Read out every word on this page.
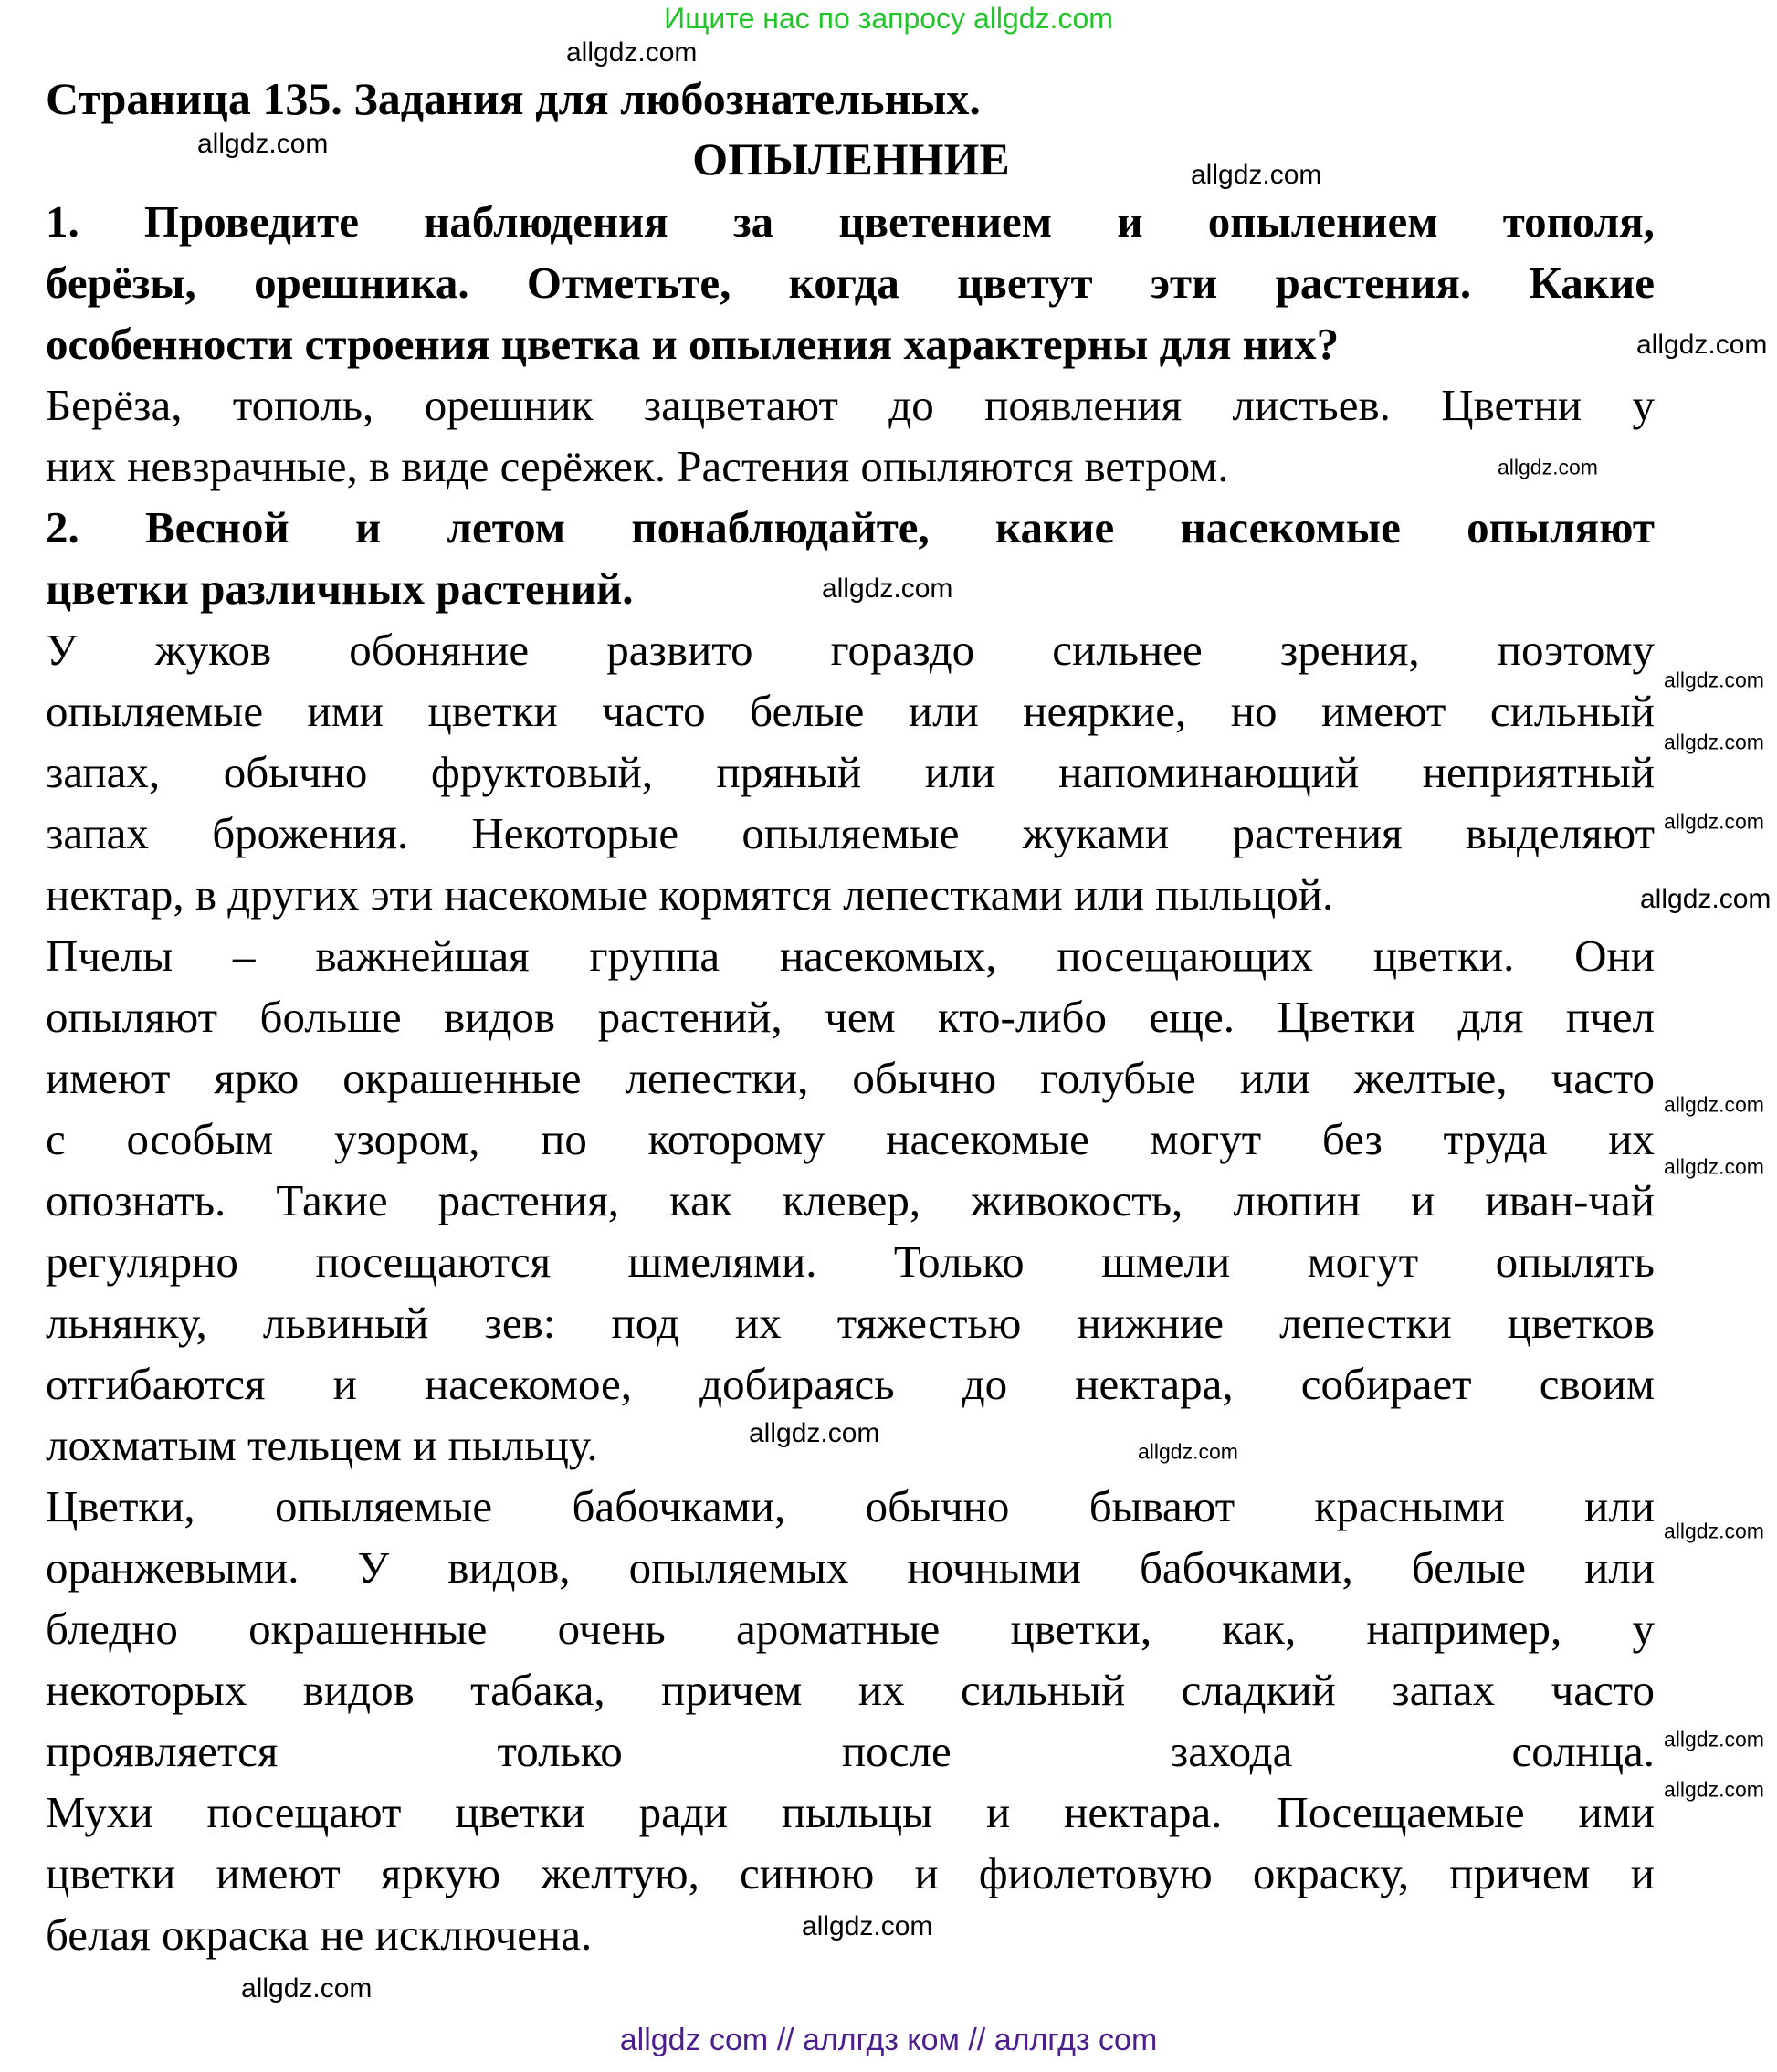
Ищите нас по запросу allgdz.com
Страница 135. Задания для любознательных.
ОПЫЛЕННИЕ
1. Проведите наблюдения за цветением и опылением тополя,
берёзы, орешника. Отметьте, когда цветут эти растения. Какие
особенности строения цветка и опыления характерны для них?
Берёза, тополь, орешник зацветают до появления листьев. Цветни у
них невзрачные, в виде серёжек. Растения опыляются ветром.
2. Весной и летом понаблюдайте, какие насекомые опыляют
цветки различных растений.
У жуков обоняние развито гораздо сильнее зрения, поэтому
опыляемые ими цветки часто белые или неяркие, но имеют сильный
запах, обычно фруктовый, пряный или напоминающий неприятный
запах брожения. Некоторые опыляемые жуками растения выделяют
нектар, в других эти насекомые кормятся лепестками или пыльцой.
Пчелы – важнейшая группа насекомых, посещающих цветки. Они
опыляют больше видов растений, чем кто-либо еще. Цветки для пчел
имеют ярко окрашенные лепестки, обычно голубые или желтые, часто
с особым узором, по которому насекомые могут без труда их
опознать. Такие растения, как клевер, живокость, люпин и иван-чай
регулярно посещаются шмелями. Только шмели могут опылять
льнянку, львиный зев: под их тяжестью нижние лепестки цветков
отгибаются и насекомое, добираясь до нектара, собирает своим
лохматым тельцем и пыльцу.
Цветки, опыляемые бабочками, обычно бывают красными или
оранжевыми. У видов, опыляемых ночными бабочками, белые или
бледно окрашенные очень ароматные цветки, как, например, у
некоторых видов табака, причем их сильный сладкий запах часто
проявляется только после захода солнца.
Мухи посещают цветки ради пыльцы и нектара. Посещаемые ими
цветки имеют яркую желтую, синюю и фиолетовую окраску, причем и
белая окраска не исключена.
allgdz.com
allgdz.com
allgdz.com
allgdz.com
allgdz.com
allgdz.com
allgdz.com
allgdz.com
allgdz.com
allgdz.com
allgdz.com
allgdz.com
allgdz.com
allgdz.com
allgdz.com
allgdz.com
allgdz.com
allgdz.com
allgdz.com
allgdz com // аллгдз ком // аллгдз com
